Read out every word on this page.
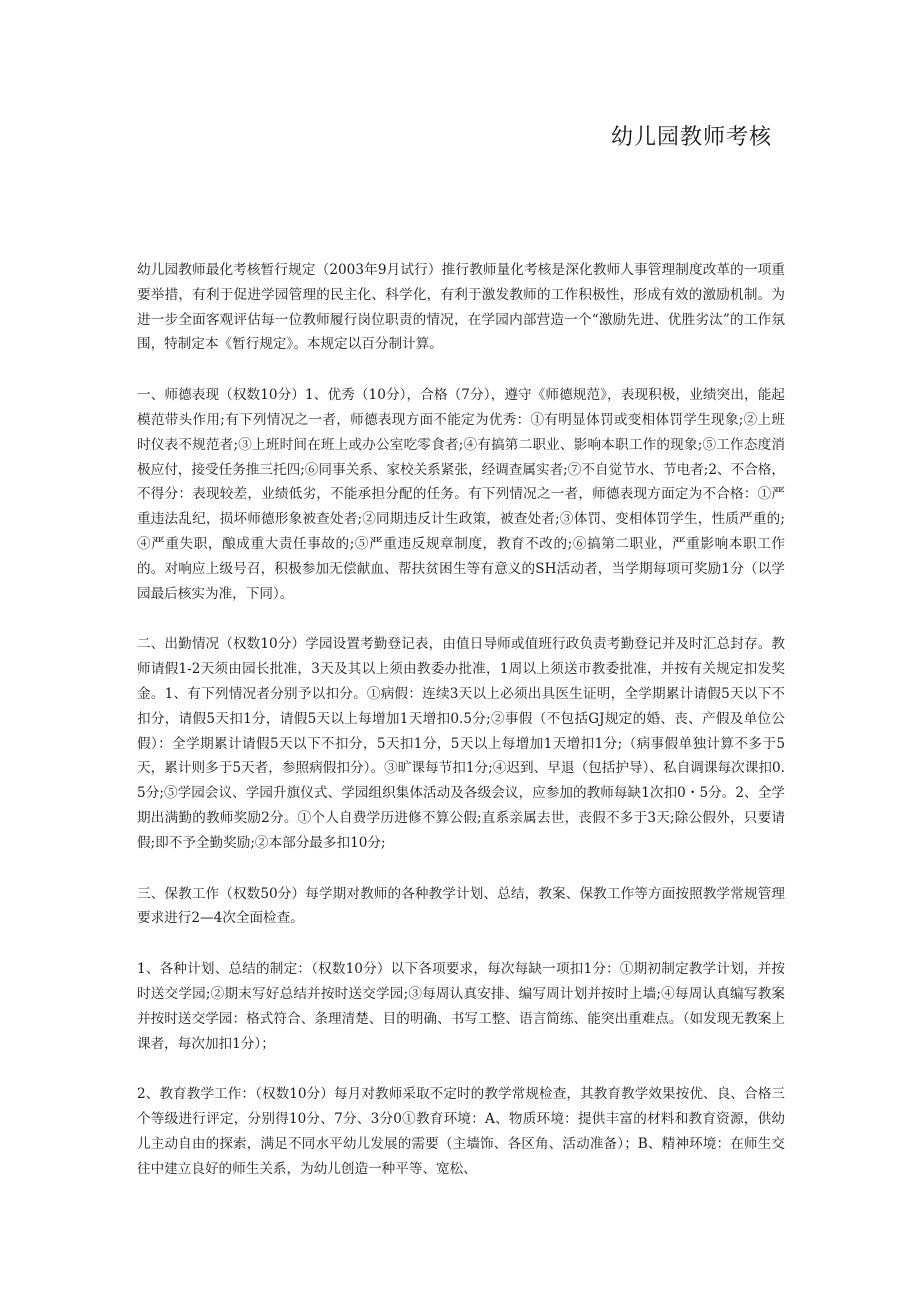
幼儿园教师考核

幼儿园教师最化考核暂行规定（2003年9月试行）推行教师量化考核是深化教师人事管理制度改革的一项重要举措，有利于促进学园管理的民主化、科学化，有利于激发教师的工作积极性，形成有效的激励机制。为进一步全面客观评估每一位教师履行岗位职责的情况，在学园内部营造一个“激励先进、优胜劣汰”的工作氛围，特制定本《暂行规定》。本规定以百分制计算。

一、师德表现（权数10分）1、优秀（10分），合格（7分），遵守《师德规范》，表现积极，业绩突出，能起模范带头作用;有下列情况之一者，师德表现方面不能定为优秀：①有明显体罚或变相体罚学生现象;②上班时仪表不规范者;③上班时间在班上或办公室吃零食者;④有搞第二职业、影响本职工作的现象;⑤工作态度消极应付，接受任务推三托四;⑥同事关系、家校关系紧张，经调查属实者;⑦不自觉节水、节电者;2、不合格，不得分：表现较差，业绩低劣，不能承担分配的任务。有下列情况之一者，师德表现方面定为不合格：①严重违法乱纪，损坏师德形象被查处者;②同期违反计生政策，被查处者;③体罚、变相体罚学生，性质严重的;④严重失职，酿成重大责任事故的;⑤严重违反规章制度，教育不改的;⑥搞第二职业，严重影响本职工作的。对响应上级号召，积极参加无偿献血、帮扶贫困生等有意义的SH活动者，当学期每项可奖励1分（以学园最后核实为准，下同）。

二、出勤情况（权数10分）学园设置考勤登记表，由值日导师或值班行政负责考勤登记并及时汇总封存。教师请假1-2天须由园长批准，3天及其以上须由教委办批准，1周以上须送市教委批准，并按有关规定扣发奖金。1、有下列情况者分别予以扣分。①病假：连续3天以上必须出具医生证明，全学期累计请假5天以下不扣分，请假5天扣1分，请假5天以上每增加1天增扣0.5分;②事假（不包括GJ规定的婚、丧、产假及单位公假）：全学期累计请假5天以下不扣分，5天扣1分，5天以上每增加1天增扣1分;（病事假单独计算不多于5天，累计则多于5天者，参照病假扣分）。③旷课每节扣1分;④迟到、早退（包括护导）、私自调课每次课扣0.5分;⑤学园会议、学园升旗仪式、学园组织集体活动及各级会议，应参加的教师每缺1次扣0・5分。2、全学期出满勤的教师奖励2分。①个人自费学历进修不算公假;直系亲属去世，丧假不多于3天;除公假外，只要请假;即不予全勤奖励;②本部分最多扣10分;

三、保教工作（权数50分）每学期对教师的各种教学计划、总结，教案、保教工作等方面按照教学常规管理要求进行2—4次全面检查。

1、各种计划、总结的制定：（权数10分）以下各项要求，每次每缺一项扣1分：①期初制定教学计划，并按时送交学园;②期末写好总结并按时送交学园;③每周认真安排、编写周计划并按时上墙;④每周认真编写教案并按时送交学园：格式符合、条理清楚、目的明确、书写工整、语言简练、能突出重难点。（如发现无教案上课者，每次加扣1分）；

2、教育教学工作：（权数10分）每月对教师采取不定时的教学常规检查，其教育教学效果按优、良、合格三个等级进行评定，分别得10分、7分、3分0①教育环境：A、物质环境：提供丰富的材料和教育资源，供幼儿主动自由的探索，满足不同水平幼儿发展的需要（主墙饰、各区角、活动准备）；B、精神环境：在师生交往中建立良好的师生关系，为幼儿创造一种平等、宽松、
